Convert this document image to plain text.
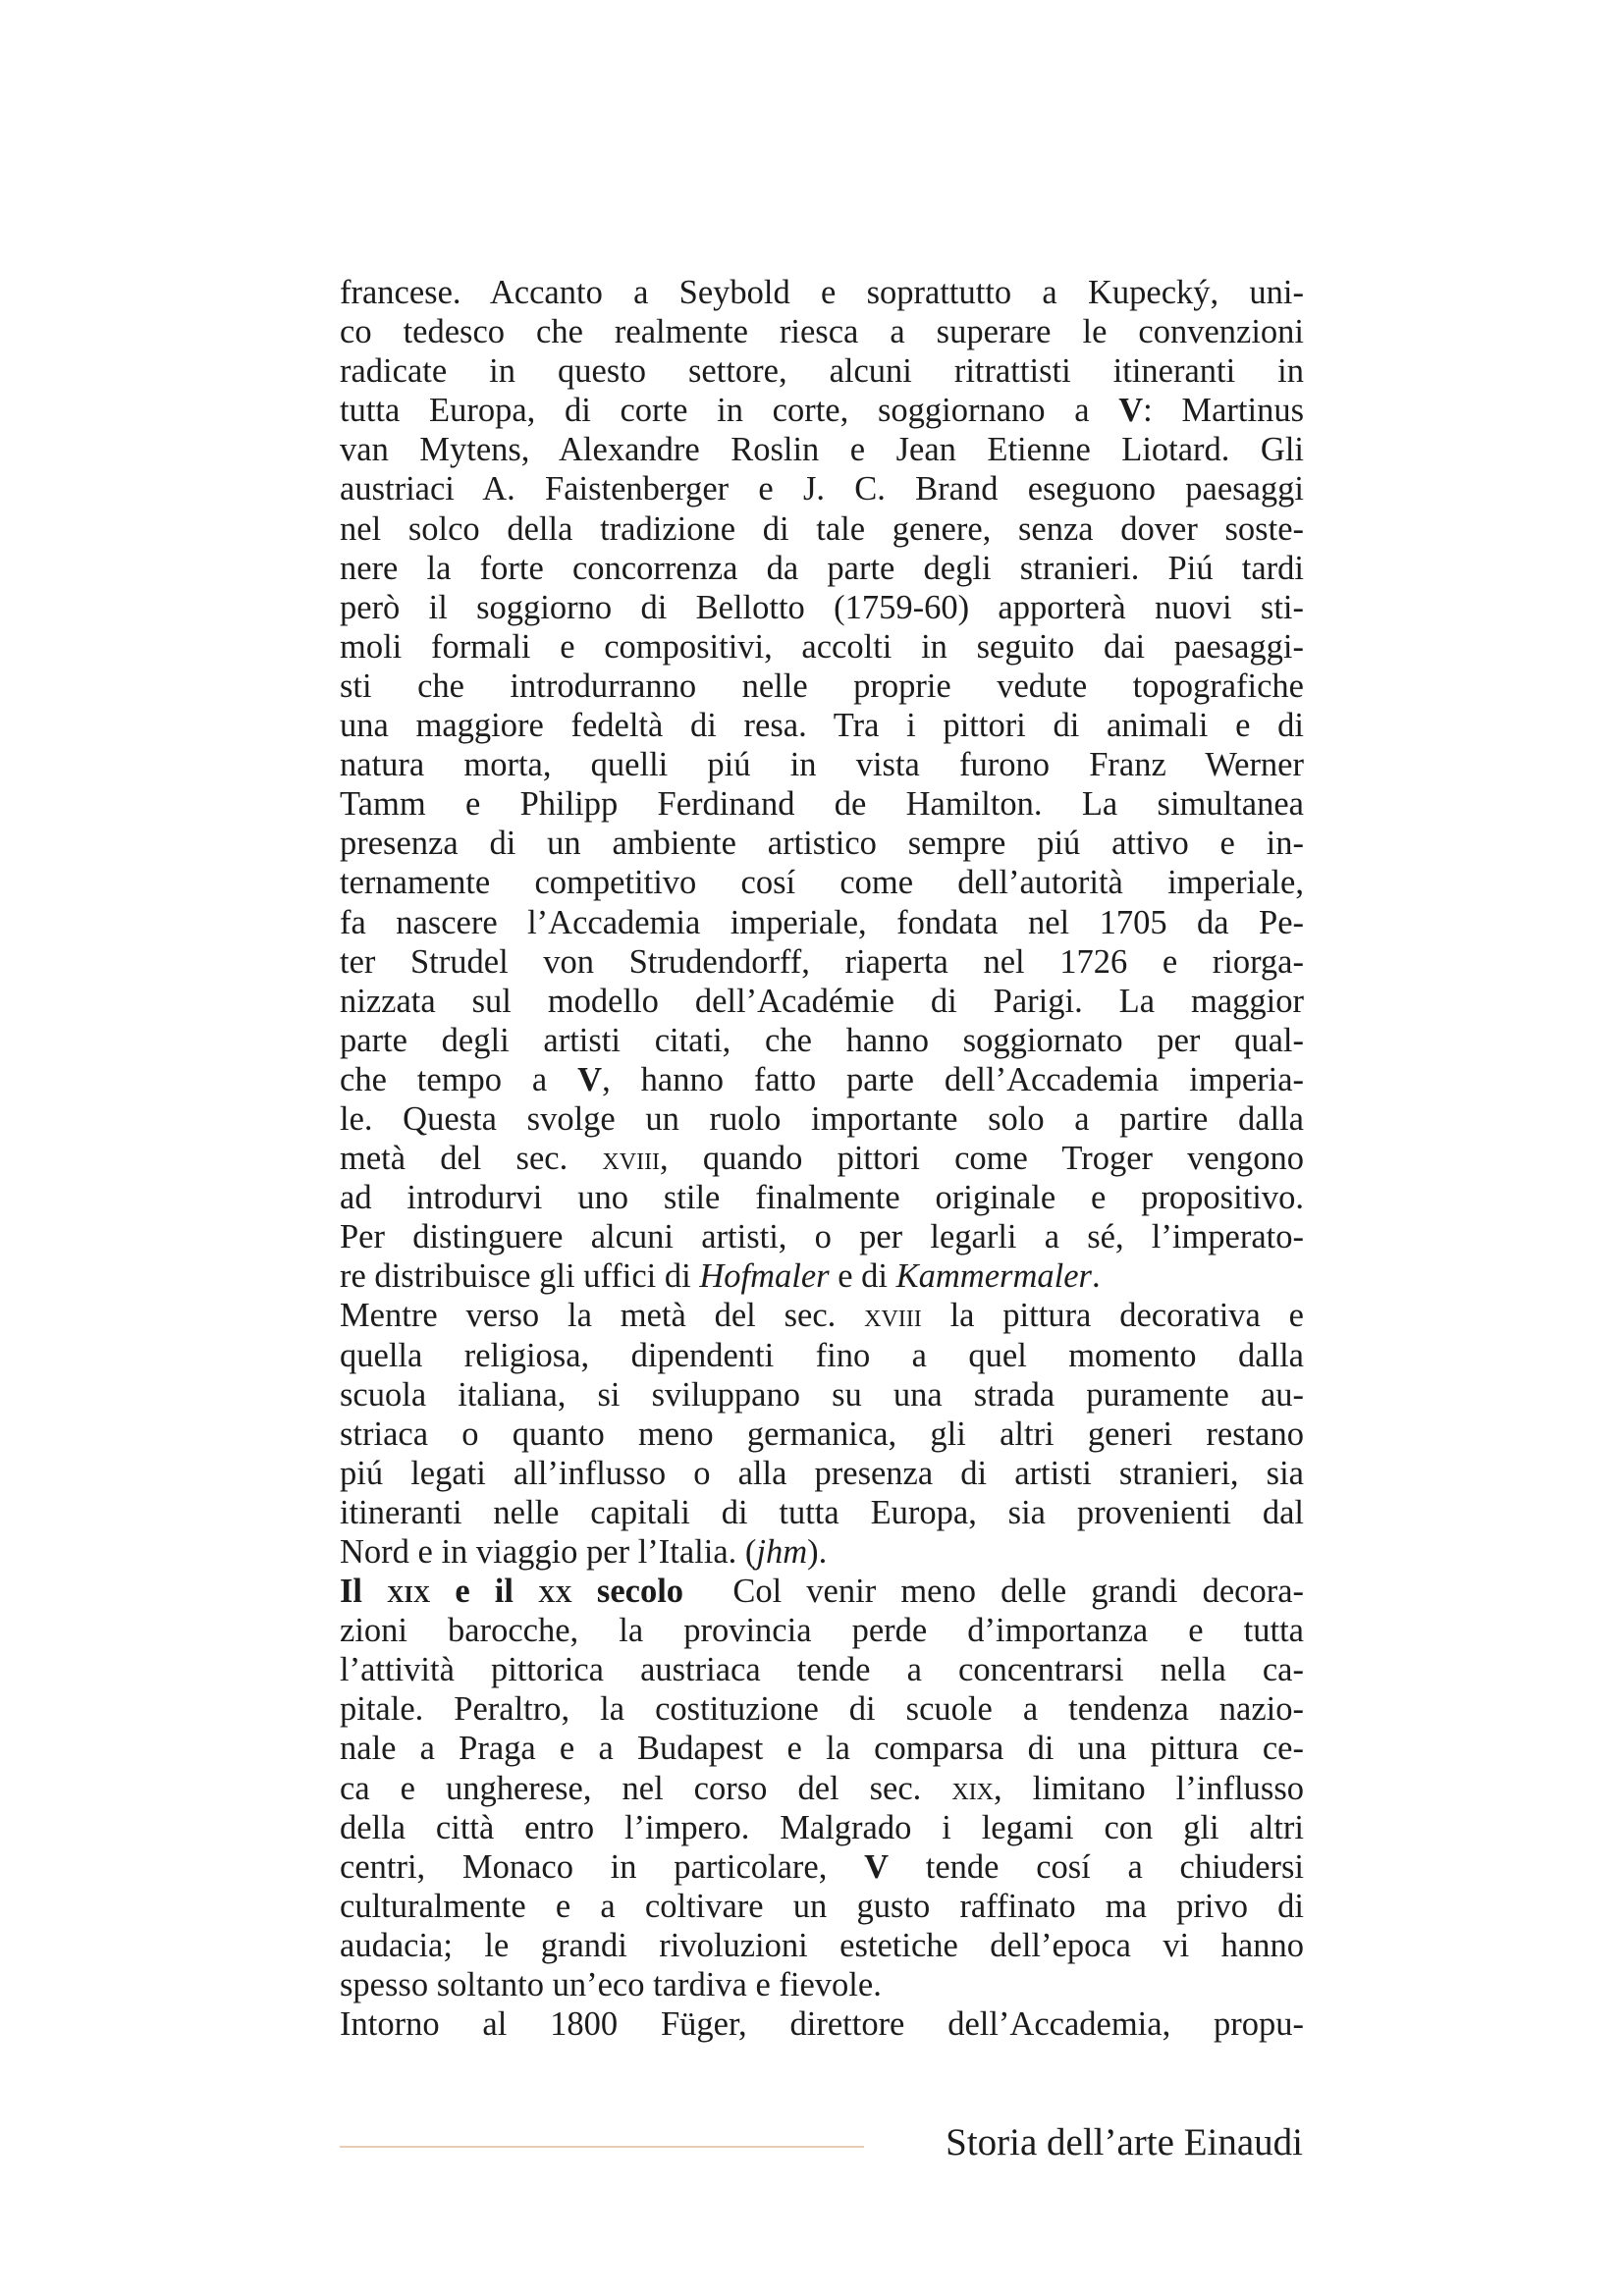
francese. Accanto a Seybold e soprattutto a Kupecký, uni-
co tedesco che realmente riesca a superare le convenzioni
radicate in questo settore, alcuni ritrattisti itineranti in
tutta Europa, di corte in corte, soggiornano a V: Martinus
van Mytens, Alexandre Roslin e Jean Etienne Liotard. Gli
austriaci A. Faistenberger e J. C. Brand eseguono paesaggi
nel solco della tradizione di tale genere, senza dover soste-
nere la forte concorrenza da parte degli stranieri. Piú tardi
però il soggiorno di Bellotto (1759-60) apporterà nuovi sti-
moli formali e compositivi, accolti in seguito dai paesaggi-
sti che introdurranno nelle proprie vedute topografiche
una maggiore fedeltà di resa. Tra i pittori di animali e di
natura morta, quelli piú in vista furono Franz Werner
Tamm e Philipp Ferdinand de Hamilton. La simultanea
presenza di un ambiente artistico sempre piú attivo e in-
ternamente competitivo cosí come dell’autorità imperiale,
fa nascere l’Accademia imperiale, fondata nel 1705 da Pe-
ter Strudel von Strudendorff, riaperta nel 1726 e riorga-
nizzata sul modello dell’Académie di Parigi. La maggior
parte degli artisti citati, che hanno soggiornato per qual-
che tempo a V, hanno fatto parte dell’Accademia imperia-
le. Questa svolge un ruolo importante solo a partire dalla
metà del sec. xviii, quando pittori come Troger vengono
ad introdurvi uno stile finalmente originale e propositivo.
Per distinguere alcuni artisti, o per legarli a sé, l’imperato-
re distribuisce gli uffici di Hofmaler e di Kammermaler.
Mentre verso la metà del sec. xviii la pittura decorativa e
quella religiosa, dipendenti fino a quel momento dalla
scuola italiana, si sviluppano su una strada puramente au-
striaca o quanto meno germanica, gli altri generi restano
piú legati all’influsso o alla presenza di artisti stranieri, sia
itineranti nelle capitali di tutta Europa, sia provenienti dal
Nord e in viaggio per l’Italia. (jhm).
Il xix e il xx secolo  Col venir meno delle grandi decora-
zioni barocche, la provincia perde d’importanza e tutta
l’attività pittorica austriaca tende a concentrarsi nella ca-
pitale. Peraltro, la costituzione di scuole a tendenza nazio-
nale a Praga e a Budapest e la comparsa di una pittura ce-
ca e ungherese, nel corso del sec. xix, limitano l’influsso
della città entro l’impero. Malgrado i legami con gli altri
centri, Monaco in particolare, V tende cosí a chiudersi
culturalmente e a coltivare un gusto raffinato ma privo di
audacia; le grandi rivoluzioni estetiche dell’epoca vi hanno
spesso soltanto un’eco tardiva e fievole.
Intorno al 1800 Füger, direttore dell’Accademia, propu-
Storia dell’arte Einaudi
